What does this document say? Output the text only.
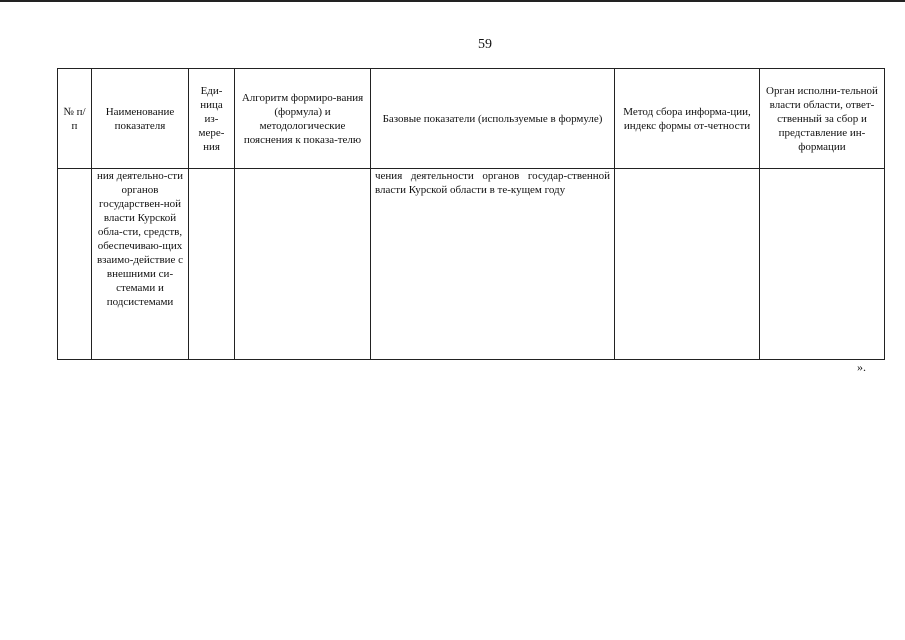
59
№ п/п	Наименование показателя	Еди-ница из-мере-ния	Алгоритм формиро-вания (формула) и методологические пояснения к показа-телю	Базовые показатели (используемые в формуле)	Метод сбора информа-ции, индекс формы от-четности	Орган исполни-тельной власти области, ответ-ственный за сбор и представление ин-формации
	ния деятельно-сти органов государствен-ной власти Курской обла-сти, средств, обеспечиваю-щих взаимо-действие с внешними си-стемами и подсистемами			чения деятельности органов государ-ственной власти Курской области в те-кущем году		
».
